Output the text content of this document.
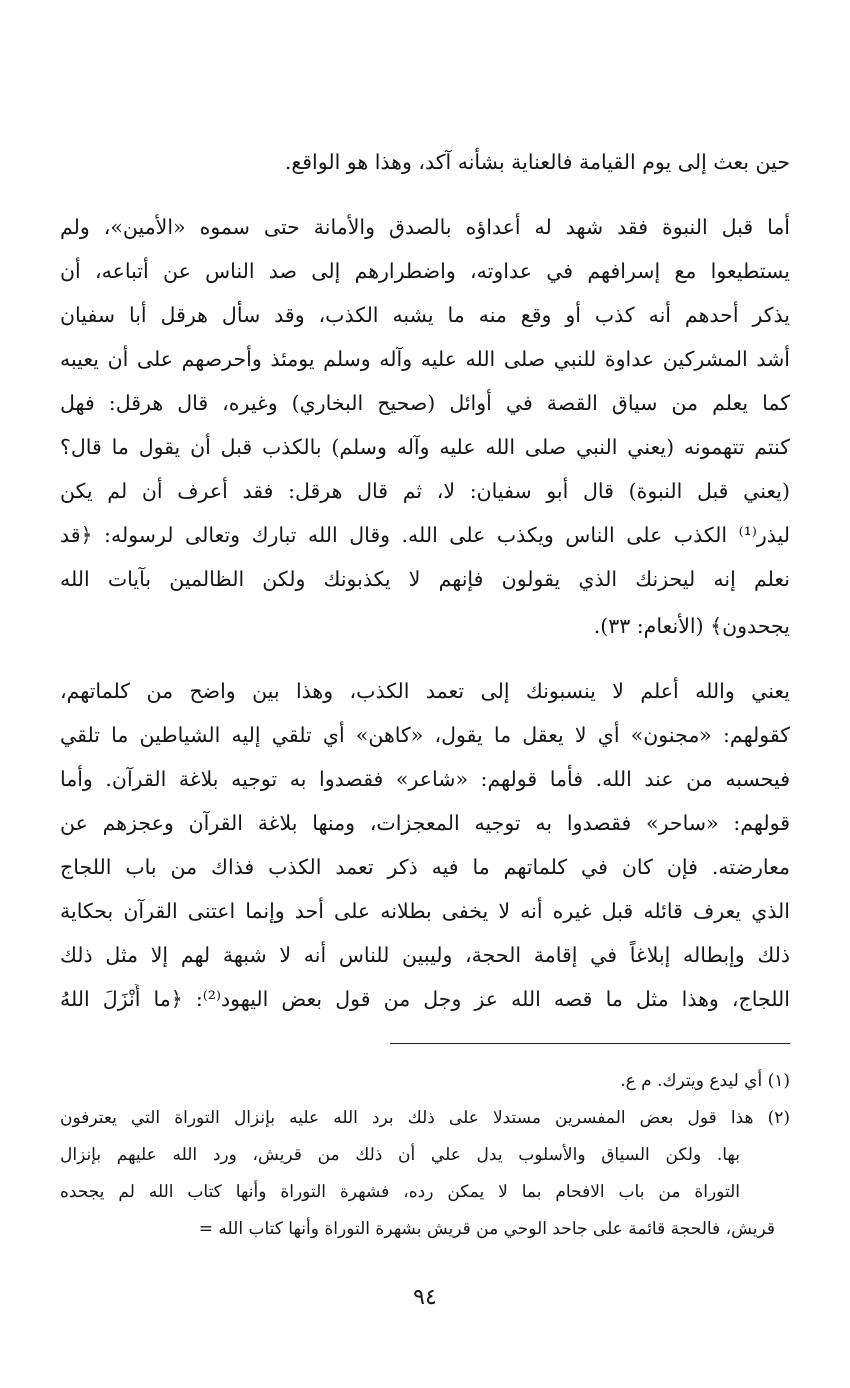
حين بعث إلى يوم القيامة فالعناية بشأنه آكد، وهذا هو الواقع.
أما قبل النبوة فقد شهد له أعداؤه بالصدق والأمانة حتى سموه «الأمين»، ولم
يستطيعوا مع إسرافهم في عداوته، واضطرارهم إلى صد الناس عن أتباعه، أن
يذكر أحدهم أنه كذب أو وقع منه ما يشبه الكذب، وقد سأل هرقل أبا سفيان
أشد المشركين عداوة للنبي صلى الله عليه وآله وسلم يومئذ وأحرصهم على أن يعيبه
كما يعلم من سياق القصة في أوائل (صحيح البخاري) وغيره، قال هرقل: فهل
كنتم تتهمونه (يعني النبي صلى الله عليه وآله وسلم) بالكذب قبل أن يقول ما قال؟
(يعني قبل النبوة) قال أبو سفيان: لا، ثم قال هرقل: فقد أعرف أن لم يكن
ليذر⁽¹⁾ الكذب على الناس ويكذب على الله. وقال الله تبارك وتعالى لرسوله: ﴿قد
نعلم إنه ليحزنك الذي يقولون فإنهم لا يكذبونك ولكن الظالمين بآيات الله
يجحدون﴾ (الأنعام: ٣٣).
يعني والله أعلم لا ينسبونك إلى تعمد الكذب، وهذا بين واضح من كلماتهم،
كقولهم: «مجنون» أي لا يعقل ما يقول، «كاهن» أي تلقي إليه الشياطين ما تلقي
فيحسبه من عند الله. فأما قولهم: «شاعر» فقصدوا به توجيه بلاغة القرآن. وأما
قولهم: «ساحر» فقصدوا به توجيه المعجزات، ومنها بلاغة القرآن وعجزهم عن
معارضته. فإن كان في كلماتهم ما فيه ذكر تعمد الكذب فذاك من باب اللجاج
الذي يعرف قائله قبل غيره أنه لا يخفى بطلانه على أحد وإنما اعتنى القرآن بحكاية
ذلك وإبطاله إبلاغاً في إقامة الحجة، وليبين للناس أنه لا شبهة لهم إلا مثل ذلك
اللجاج، وهذا مثل ما قصه الله عز وجل من قول بعض اليهود⁽²⁾: ﴿ما أَنْزَلَ اللهُ
(١) أي ليدع ويترك. م ع.
(٢) هذا قول بعض المفسرين مستدلا على ذلك برد الله عليه بإنزال التوراة التي يعترفون
بها. ولكن السياق والأسلوب يدل علي أن ذلك من قريش، ورد الله عليهم بإنزال
التوراة من باب الافحام بما لا يمكن رده، فشهرة التوراة وأنها كتاب الله لم يجحده
قريش، فالحجة قائمة على جاحد الوحي من قريش بشهرة التوراة وأنها كتاب الله =
٩٤
